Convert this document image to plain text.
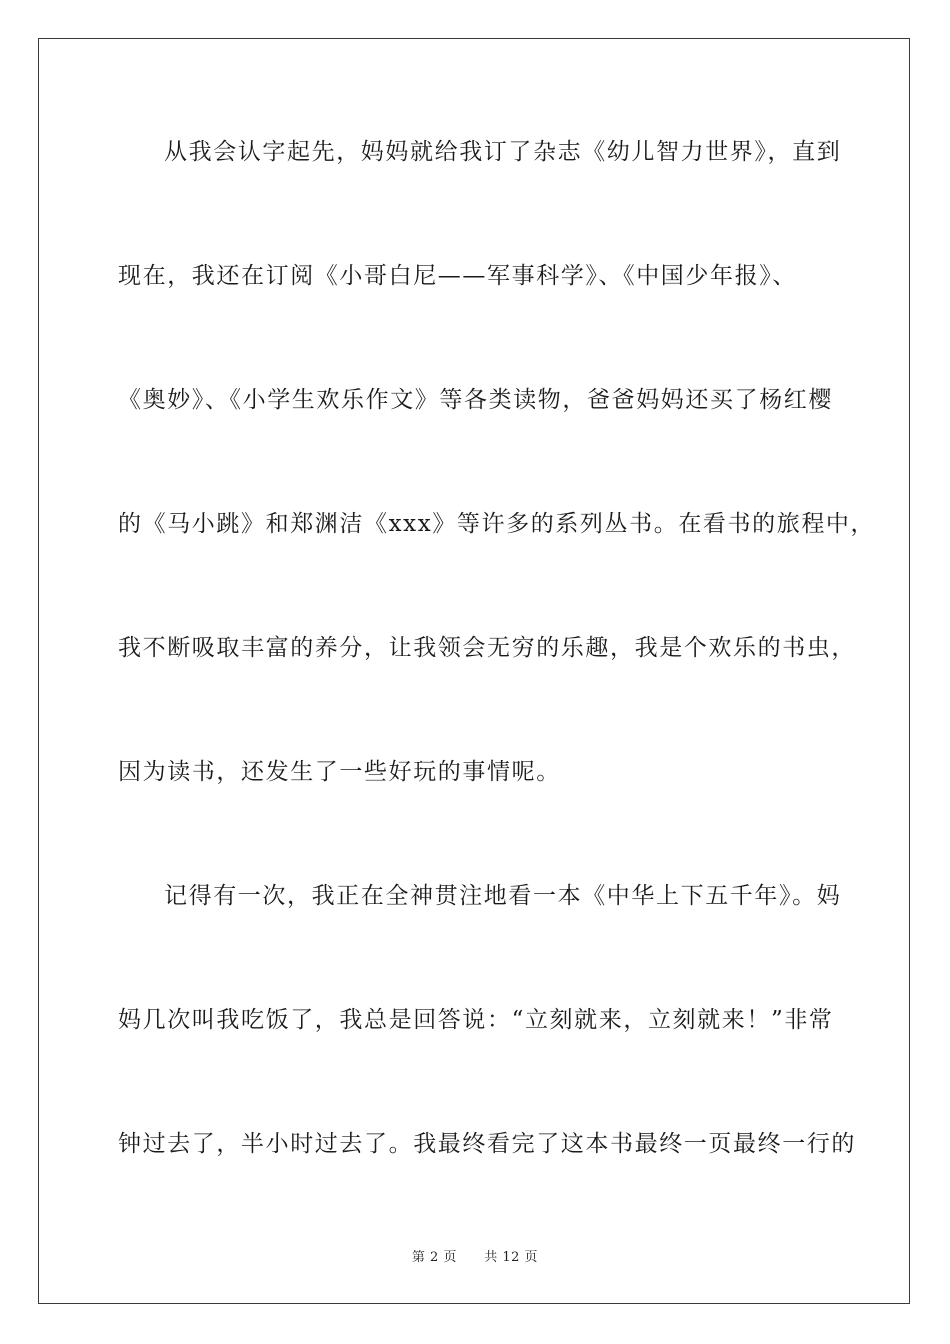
从我会认字起先，妈妈就给我订了杂志《幼儿智力世界》，直到
现在，我还在订阅《小哥白尼——军事科学》、《中国少年报》、
《奥妙》、《小学生欢乐作文》等各类读物，爸爸妈妈还买了杨红樱
的《马小跳》和郑渊洁《xxx》等许多的系列丛书。在看书的旅程中，
我不断吸取丰富的养分，让我领会无穷的乐趣，我是个欢乐的书虫，
因为读书，还发生了一些好玩的事情呢。
记得有一次，我正在全神贯注地看一本《中华上下五千年》。妈
妈几次叫我吃饭了，我总是回答说：“立刻就来，立刻就来！”非常
钟过去了，半小时过去了。我最终看完了这本书最终一页最终一行的
第 2 页 共 12 页
